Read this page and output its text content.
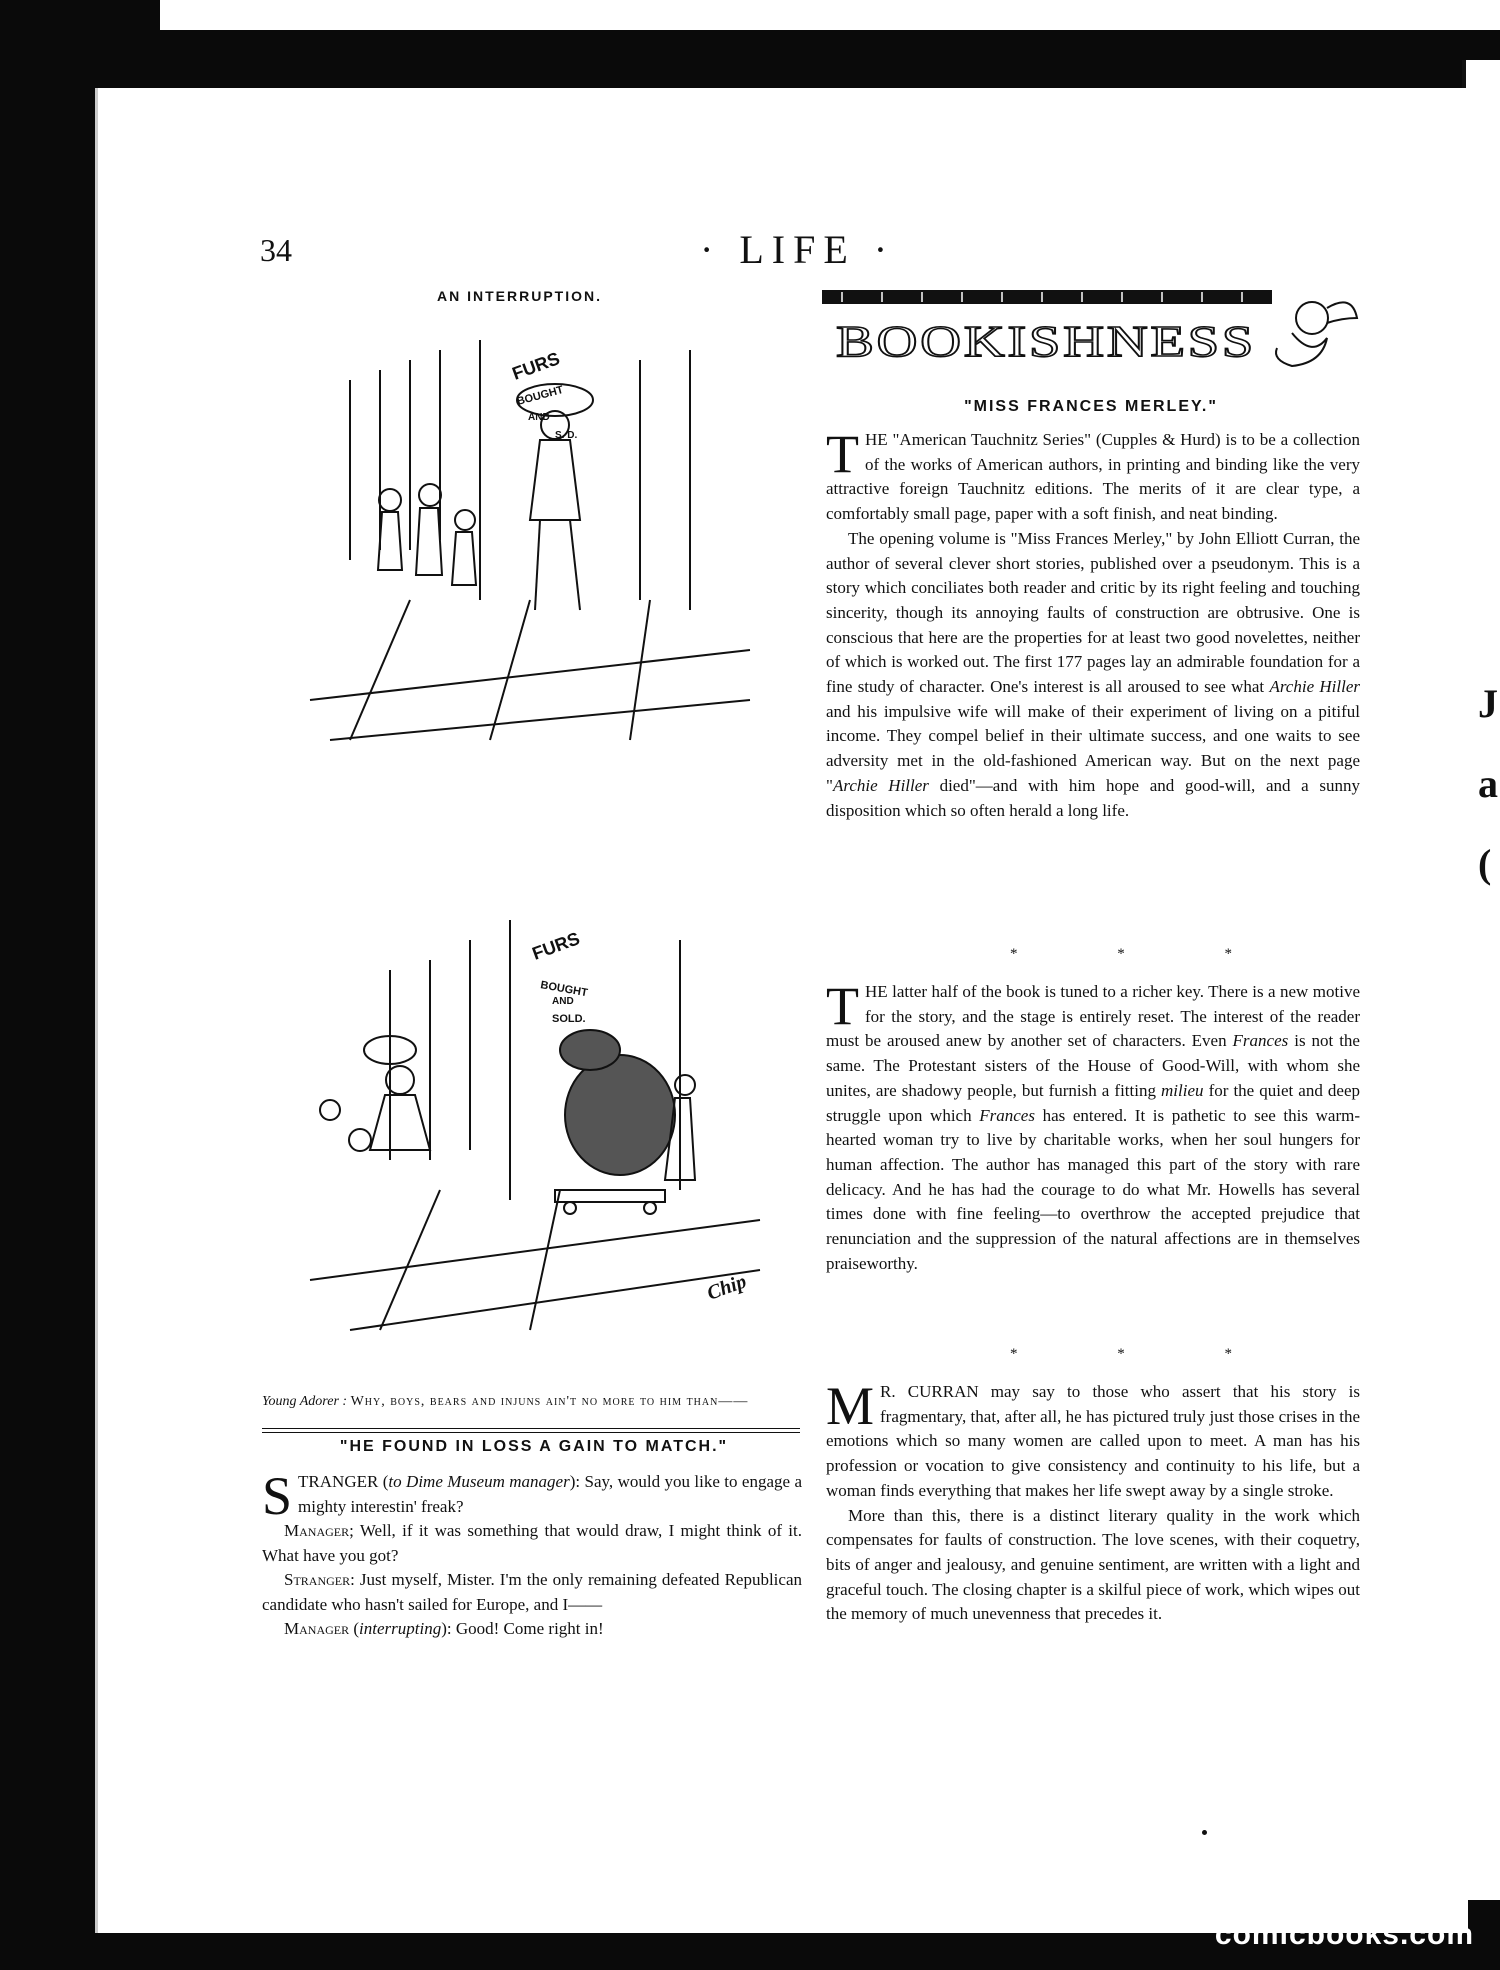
J
a
(
34	· LIFE ·
AN INTERRUPTION.
FURS
BOUGHT
AND
S. D.
FURS
BOUGHT
AND
SOLD.
Chip
Young Adorer : Why, boys, bears and injuns ain't no more to him than——
"HE FOUND IN LOSS A GAIN TO MATCH."

STRANGER (to Dime Museum manager): Say, would you like to engage a mighty interestin' freak?

Manager; Well, if it was something that would draw, I might think of it. What have you got?

Stranger: Just myself, Mister. I'm the only remaining defeated Republican candidate who hasn't sailed for Europe, and I——

Manager (interrupting): Good! Come right in!

BOOKISHNESS
"MISS FRANCES MERLEY."

THE "American Tauchnitz Series" (Cupples & Hurd) is to be a collection of the works of American authors, in printing and binding like the very attractive foreign Tauchnitz editions. The merits of it are clear type, a comfortably small page, paper with a soft finish, and neat binding.

The opening volume is "Miss Frances Merley," by John Elliott Curran, the author of several clever short stories, published over a pseudonym. This is a story which conciliates both reader and critic by its right feeling and touching sincerity, though its annoying faults of construction are obtrusive. One is conscious that here are the properties for at least two good novelettes, neither of which is worked out. The first 177 pages lay an admirable foundation for a fine study of character. One's interest is all aroused to see what Archie Hiller and his impulsive wife will make of their experiment of living on a pitiful income. They compel belief in their ultimate success, and one waits to see adversity met in the old-fashioned American way. But on the next page "Archie Hiller died"—and with him hope and good-will, and a sunny disposition which so often herald a long life.

* * *

THE latter half of the book is tuned to a richer key. There is a new motive for the story, and the stage is entirely reset. The interest of the reader must be aroused anew by another set of characters. Even Frances is not the same. The Protestant sisters of the House of Good-Will, with whom she unites, are shadowy people, but furnish a fitting milieu for the quiet and deep struggle upon which Frances has entered. It is pathetic to see this warm-hearted woman try to live by charitable works, when her soul hungers for human affection. The author has managed this part of the story with rare delicacy. And he has had the courage to do what Mr. Howells has several times done with fine feeling—to overthrow the accepted prejudice that renunciation and the suppression of the natural affections are in themselves praiseworthy.

* * *

M R. CURRAN may say to those who assert that his story is fragmentary, that, after all, he has pictured truly just those crises in the emotions which so many women are called upon to meet. A man has his profession or vocation to give consistency and continuity to his life, but a woman finds everything that makes her life swept away by a single stroke.

More than this, there is a distinct literary quality in the work which compensates for faults of construction. The love scenes, with their coquetry, bits of anger and jealousy, and genuine sentiment, are written with a light and graceful touch. The closing chapter is a skilful piece of work, which wipes out the memory of much unevenness that precedes it.

comicbooks.com
